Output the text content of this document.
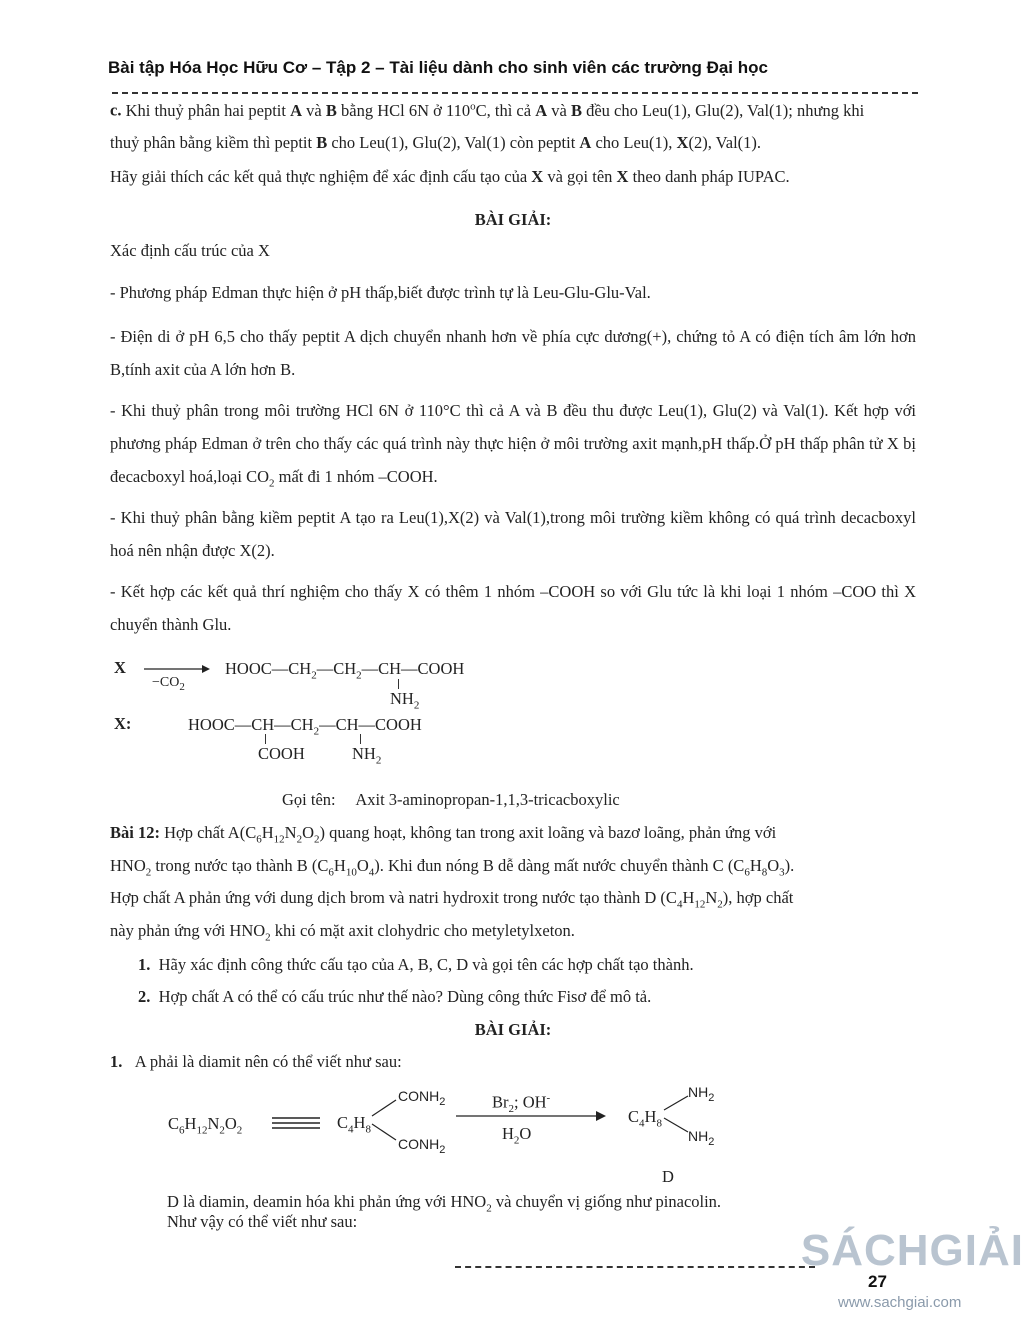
Bài tập Hóa Học Hữu Cơ – Tập 2 – Tài liệu dành cho sinh viên các trường Đại học
c. Khi thuỷ phân hai peptit A và B bằng HCl 6N ở 110$^o$C, thì cả A và B đều cho Leu(1), Glu(2), Val(1); nhưng khi
thuỷ phân bằng kiềm thì peptit B cho Leu(1), Glu(2), Val(1) còn peptit A cho Leu(1), X(2), Val(1).
Hãy giải thích các kết quả thực nghiệm để xác định cấu tạo của X và gọi tên X theo danh pháp IUPAC.
BÀI GIẢI:
Xác định cấu trúc của X
- Phương pháp Edman thực hiện ở pH thấp,biết được trình tự là Leu-Glu-Glu-Val.
- Điện di ở pH 6,5 cho thấy peptit A dịch chuyển nhanh hơn về phía cực dương(+), chứng tỏ A có điện tích âm lớn hơn B,tính axit của A lớn hơn B.
- Khi thuỷ phân trong môi trường HCl 6N ở 110°C thì cả A và B đều thu được Leu(1), Glu(2) và Val(1). Kết hợp với phương pháp Edman ở trên cho thấy các quá trình này thực hiện ở môi trường axit mạnh,pH thấp.Ở pH thấp phân tử X bị đecacboxyl hoá,loại $CO_2$ mất đi 1 nhóm –COOH.
- Khi thuỷ phân bằng kiềm peptit A tạo ra Leu(1),X(2) và Val(1),trong môi trường kiềm không có quá trình decacboxyl hoá nên nhận được X(2).
- Kết hợp các kết quả thrí nghiệm cho thấy X có thêm 1 nhóm –COOH so với Glu tức là khi loại 1 nhóm –COO thì X chuyển thành Glu.
X
$-CO_2$
$HOOC—CH_2—CH_2—CH—COOH$
$NH_2$
X:	$HOOC—CH—CH_2—CH—COOH$
COOH	$NH_2$
Gọi tên: Axit 3-aminopropan-1,1,3-tricacboxylic
Bài 12: Hợp chất $A(C_6H_{12}N_2O_2)$ quang hoạt, không tan trong axit loãng và bazơ loãng, phản ứng với
$HNO_2$ trong nước tạo thành B $(C_6H_{10}O_4)$. Khi đun nóng B dễ dàng mất nước chuyển thành C $(C_6H_8O_3)$.
Hợp chất A phản ứng với dung dịch brom và natri hydroxit trong nước tạo thành D $(C_4H_{12}N_2)$, hợp chất
này phản ứng với $HNO_2$ khi có mặt axit clohydric cho metyletylxeton.
1. Hãy xác định công thức cấu tạo của A, B, C, D và gọi tên các hợp chất tạo thành.
2. Hợp chất A có thể có cấu trúc như thế nào? Dùng công thức Fisơ để mô tả.
BÀI GIẢI:
1. A phải là diamit nên có thể viết như sau:
$C_6H_{12}N_2O_2$	$C_4H_8$
$CONH_2$
$CONH_2$
$Br_2$; OH-
$H_2O$
$C_4H_8$
$NH_2$
$NH_2$
D
D là diamin, deamin hóa khi phản ứng với $HNO_2$ và chuyển vị giống như pinacolin.
Như vậy có thể viết như sau:
27
SÁCHGIẢI
www.sachgiai.com
